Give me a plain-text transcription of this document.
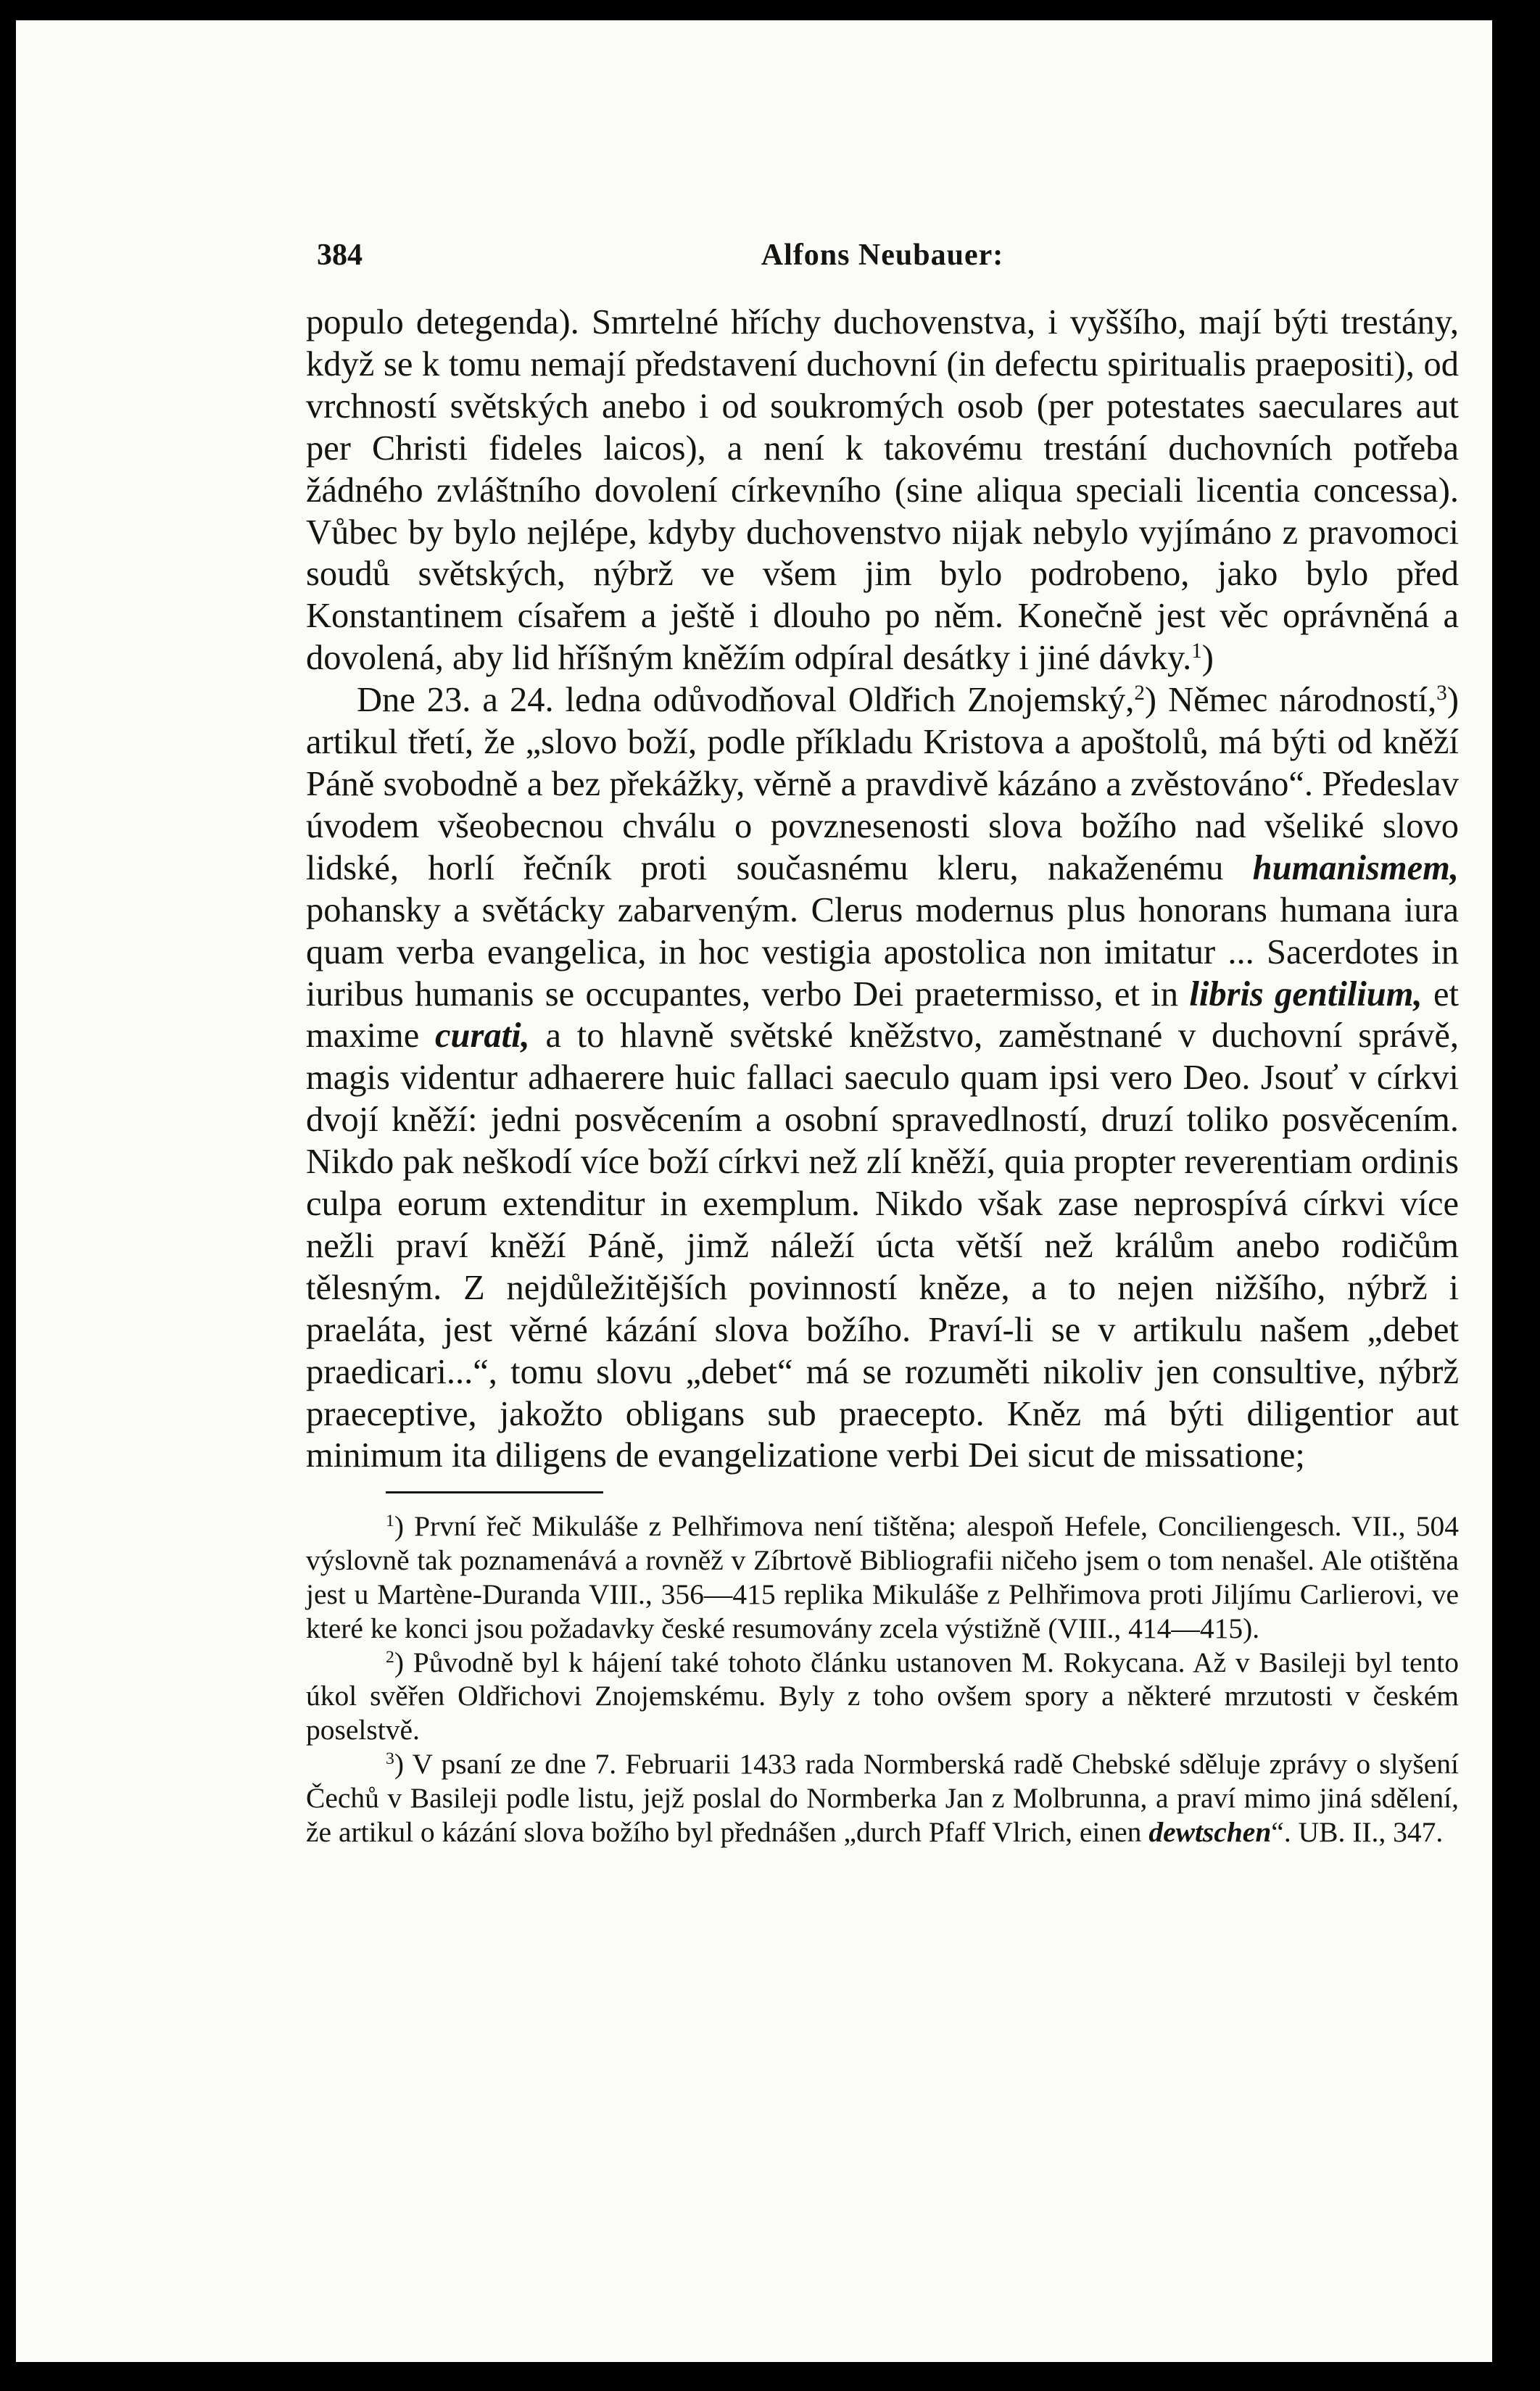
384	Alfons Neubauer:

populo detegenda). Smrtelné hříchy duchovenstva, i vyššího, mají býti trestány, když se k tomu nemají představení duchovní (in defectu spiritualis praepositi), od vrchností světských anebo i od soukromých osob (per potestates saeculares aut per Christi fideles laicos), a není k takovému trestání duchovních potřeba žádného zvláštního dovolení církevního (sine aliqua speciali licentia concessa). Vůbec by bylo nejlépe, kdyby duchovenstvo nijak nebylo vyjímáno z pravomoci soudů světských, nýbrž ve všem jim bylo podrobeno, jako bylo před Konstantinem císařem a ještě i dlouho po něm. Konečně jest věc oprávněná a dovolená, aby lid hříšným kněžím odpíral desátky i jiné dávky.$^1$)

Dne 23. a 24. ledna odůvodňoval Oldřich Znojemský,$^2$) Němec národností,$^3$) artikul třetí, že „slovo boží, podle příkladu Kristova a apoštolů, má býti od kněží Páně svobodně a bez překážky, věrně a pravdivě kázáno a zvěstováno“. Předeslav úvodem všeobecnou chválu o povznesenosti slova božího nad všeliké slovo lidské, horlí řečník proti současnému kleru, nakaženému humanismem, pohansky a světácky zabarveným. Clerus modernus plus honorans humana iura quam verba evangelica, in hoc vestigia apostolica non imitatur ... Sacerdotes in iuribus humanis se occupantes, verbo Dei praetermisso, et in libris gentilium, et maxime curati, a to hlavně světské kněžstvo, zaměstnané v duchovní správě, magis videntur adhaerere huic fallaci saeculo quam ipsi vero Deo. Jsouť v církvi dvojí kněží: jedni posvěcením a osobní spravedlností, druzí toliko posvěcením. Nikdo pak neškodí více boží církvi než zlí kněží, quia propter reverentiam ordinis culpa eorum extenditur in exemplum. Nikdo však zase neprospívá církvi více nežli praví kněží Páně, jimž náleží úcta větší než králům anebo rodičům tělesným. Z nejdůležitějších povinností kněze, a to nejen nižšího, nýbrž i praeláta, jest věrné kázání slova božího. Praví-li se v artikulu našem „debet praedicari...“, tomu slovu „debet“ má se rozuměti nikoliv jen consultive, nýbrž praeceptive, jakožto obligans sub praecepto. Kněz má býti diligentior aut minimum ita diligens de evangelizatione verbi Dei sicut de missatione;

$^1$) První řeč Mikuláše z Pelhřimova není tištěna; alespoň Hefele, Conciliengesch. VII., 504 výslovně tak poznamenává a rovněž v Zíbrtově Bibliografii ničeho jsem o tom nenašel. Ale otištěna jest u Martène-Duranda VIII., 356—415 replika Mikuláše z Pelhřimova proti Jiljímu Carlierovi, ve které ke konci jsou požadavky české resumovány zcela výstižně (VIII., 414—415).

$^2$) Původně byl k hájení také tohoto článku ustanoven M. Rokycana. Až v Basileji byl tento úkol svěřen Oldřichovi Znojemskému. Byly z toho ovšem spory a některé mrzutosti v českém poselstvě.

$^3$) V psaní ze dne 7. Februarii 1433 rada Normberská radě Chebské sděluje zprávy o slyšení Čechů v Basileji podle listu, jejž poslal do Normberka Jan z Molbrunna, a praví mimo jiná sdělení, že artikul o kázání slova božího byl přednášen „durch Pfaff Vlrich, einen dewtschen“. UB. II., 347.
